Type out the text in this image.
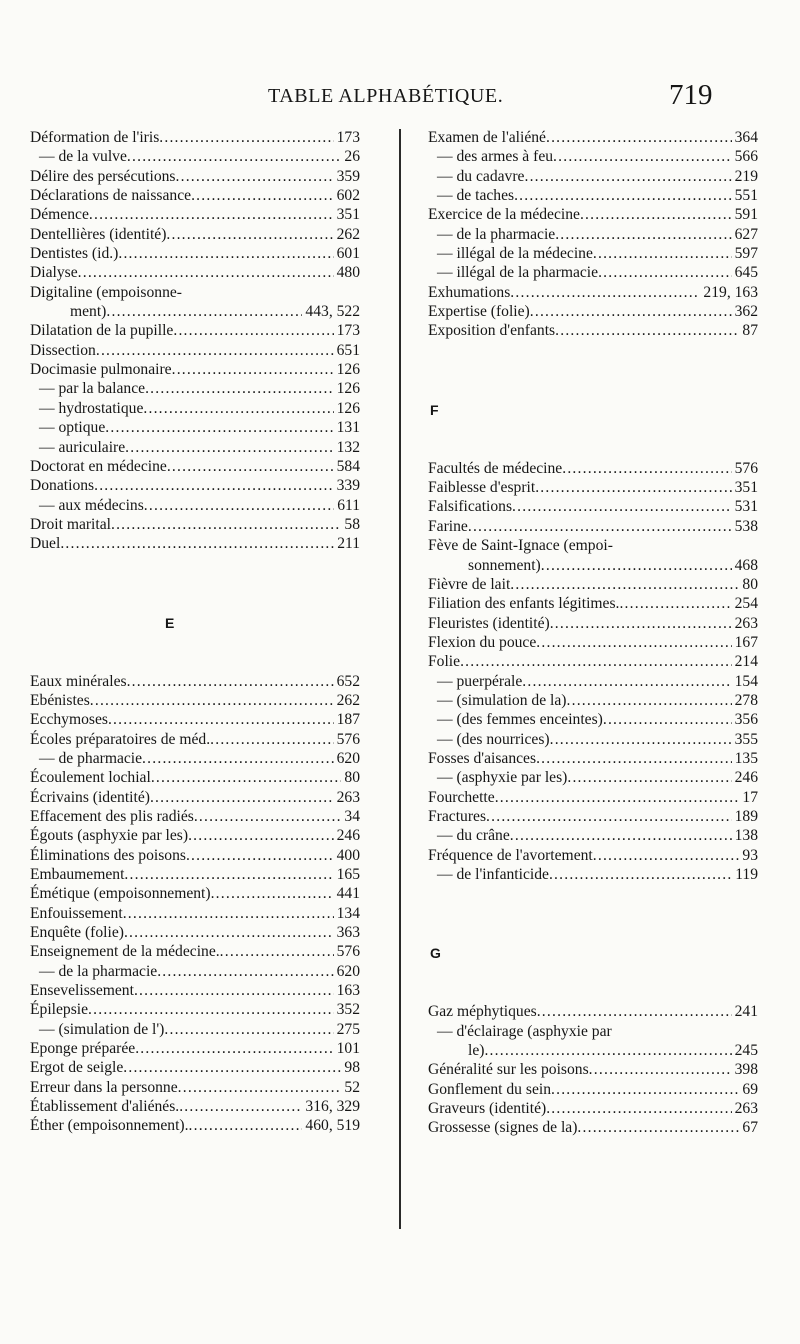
TABLE ALPHABÉTIQUE.	719
Déformation de l'iris .....	173
— de la vulve .....	26
Délire des persécutions .....	359
Déclarations de naissance .....	602
Démence .....	351
Dentellières (identité) .....	262
Dentistes (id.) .....	601
Dialyse .....	480
Digitaline (empoisonne-
ment) .....	443, 522
Dilatation de la pupille .....	173
Dissection .....	651
Docimasie pulmonaire .....	126
— par la balance .....	126
— hydrostatique .....	126
— optique .....	131
— auriculaire .....	132
Doctorat en médecine .....	584
Donations .....	339
— aux médecins .....	611
Droit marital .....	58
Duel .....	211
E
Eaux minérales .....	652
Ebénistes .....	262
Ecchymoses .....	187
Écoles préparatoires de méd. .....	576
— de pharmacie .....	620
Écoulement lochial .....	80
Écrivains (identité) .....	263
Effacement des plis radiés .....	34
Égouts (asphyxie par les) .....	246
Éliminations des poisons .....	400
Embaumement .....	165
Émétique (empoisonnement) .....	441
Enfouissement .....	134
Enquête (folie) .....	363
Enseignement de la médecine. .....	576
— de la pharmacie .....	620
Ensevelissement .....	163
Épilepsie .....	352
— (simulation de l') .....	275
Eponge préparée .....	101
Ergot de seigle .....	98
Erreur dans la personne .....	52
Établissement d'aliénés. .....	316, 329
Éther (empoisonnement). .....	460, 519
Examen de l'aliéné .....	364
— des armes à feu .....	566
— du cadavre .....	219
— de taches .....	551
Exercice de la médecine .....	591
— de la pharmacie .....	627
— illégal de la médecine .....	597
— illégal de la pharmacie .....	645
Exhumations .....	219, 163
Expertise (folie) .....	362
Exposition d'enfants .....	87
F
Facultés de médecine .....	576
Faiblesse d'esprit .....	351
Falsifications .....	531
Farine .....	538
Fève de Saint-Ignace (empoi-
sonnement) .....	468
Fièvre de lait .....	80
Filiation des enfants légitimes. .....	254
Fleuristes (identité) .....	263
Flexion du pouce .....	167
Folie .....	214
— puerpérale .....	154
— (simulation de la) .....	278
— (des femmes enceintes) .....	356
— (des nourrices) .....	355
Fosses d'aisances .....	135
— (asphyxie par les) .....	246
Fourchette .....	17
Fractures .....	189
— du crâne .....	138
Fréquence de l'avortement .....	93
— de l'infanticide .....	119
G
Gaz méphytiques .....	241
— d'éclairage (asphyxie par
le) .....	245
Généralité sur les poisons .....	398
Gonflement du sein .....	69
Graveurs (identité) .....	263
Grossesse (signes de la) .....	67
